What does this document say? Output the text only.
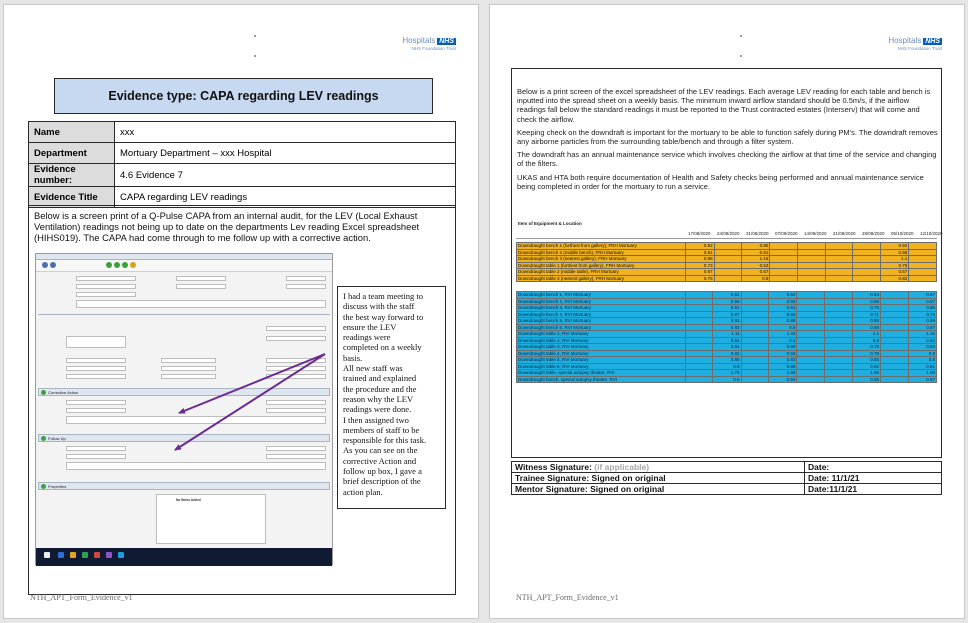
Hospitals NHS
NHS Foundation Trust
Evidence type: CAPA regarding LEV readings
Name	xxx
Department	Mortuary Department – xxx Hospital
Evidence number:	4.6 Evidence 7
Evidence Title	CAPA regarding LEV readings
Below is a screen print of a Q-Pulse CAPA from an internal audit, for the LEV (Local Exhaust Ventilation) readings not being up to date on the departments Lev reading Excel spreadsheet (HIHS019). The CAPA had come through to me follow up with a corrective action.
Corrective Action
Follow Up
Properties
No Notes Added
I had a team meeting to
discuss with the staff
the best way forward to
ensure the LEV
readings were
completed on a weekly
basis.
All new staff was
trained and explained
the procedure and the
reason why the LEV
readings were done.
I then assigned two
members of staff to be
responsible for this task.
As you can see on the
corrective Action and
follow up box, I gave a
brief description of the
action plan.
NTH_APT_Form_Evidence_v1
Hospitals NHS
NHS Foundation Trust

Below is a print screen of the excel spreadsheet of the LEV readings. Each average LEV reading for each table and bench is inputted into the spread sheet on a weekly basis. The minimum inward airflow standard should be 0.5m/s, if the airflow readings fall below the standard readings it must be reported to the Trust contracted estates (Interserv) that will come and check the airflow.

Keeping check on the downdraft is important for the mortuary to be able to function safely during PM's. The downdraft removes any airborne particles from the surrounding table/bench and through a filter system.

The downdraft has an annual maintenance service which involves checking the airflow at that time of the service and changing of the filters.

UKAS and HTA both require documentation of Health and Safety checks being performed and annual maintenance service being completed in order for the mortuary to run a service.

Item of Equipment & Location
17/08/2020 24/08/2020 31/08/2020 07/09/2020 14/09/2020 21/09/2020 28/09/2020 05/10/2020 12/10/2020
Downdraught bench 1 (furthest from gallery), FRH Mortuary	0.92		0.86					0.92	
Downdraught bench 2 (middle bench), FRH Mortuary	0.91		0.91					0.96	
Downdraught bench 3 (nearest gallery), FRH Mortuary	0.98		1.15					1.1	
Downdraught table 1 (furthest from gallery), FRH Mortuary	0.73		0.53					0.75	
Downdraught table 2 (middle table), FRH Mortuary	0.67		0.67					0.67	
Downdraught table 3 (nearest gallery), FRH Mortuary	0.76		0.8					0.82	
Downdraught bench 1, RVI Mortuary		0.62		0.64			0.64		0.67
Downdraught bench 2, RVI Mortuary		0.56		0.56			0.58		0.57
Downdraught bench 3, RVI Mortuary		0.91		0.81			0.79		0.85
Downdraught bench 4, RVI Mortuary		0.87		0.83			0.71		0.76
Downdraught bench 5, RVI Mortuary		0.93		0.88			0.88		0.89
Downdraught bench 6, RVI Mortuary		0.83		0.9			0.88		0.87
Downdraught table 1, RVI Mortuary		1.11		1.42			1.1		1.16
Downdraught table 2, RVI Mortuary		0.54		0.5			0.5		0.52
Downdraught table 3, RVI Mortuary		0.81		0.86			0.79		0.83
Downdraught table 4, RVI Mortuary		0.82		0.93			0.79		0.8
Downdraught table 5, RVI Mortuary		0.86		0.83			0.85		0.8
Downdraught table 6, RVI Mortuary		0.9		0.88			0.92		0.91
Downdraught table, special autopsy theatre, RVI		1.75		1.89			1.96		1.09
Downdraught bench, special autopsy theatre, RVI		0.6		0.56			0.55		0.57
Witness Signature: (if applicable)	Date:
Trainee Signature: Signed on original	Date: 11/1/21
Mentor Signature: Signed on original	Date:11/1/21
NTH_APT_Form_Evidence_v1
